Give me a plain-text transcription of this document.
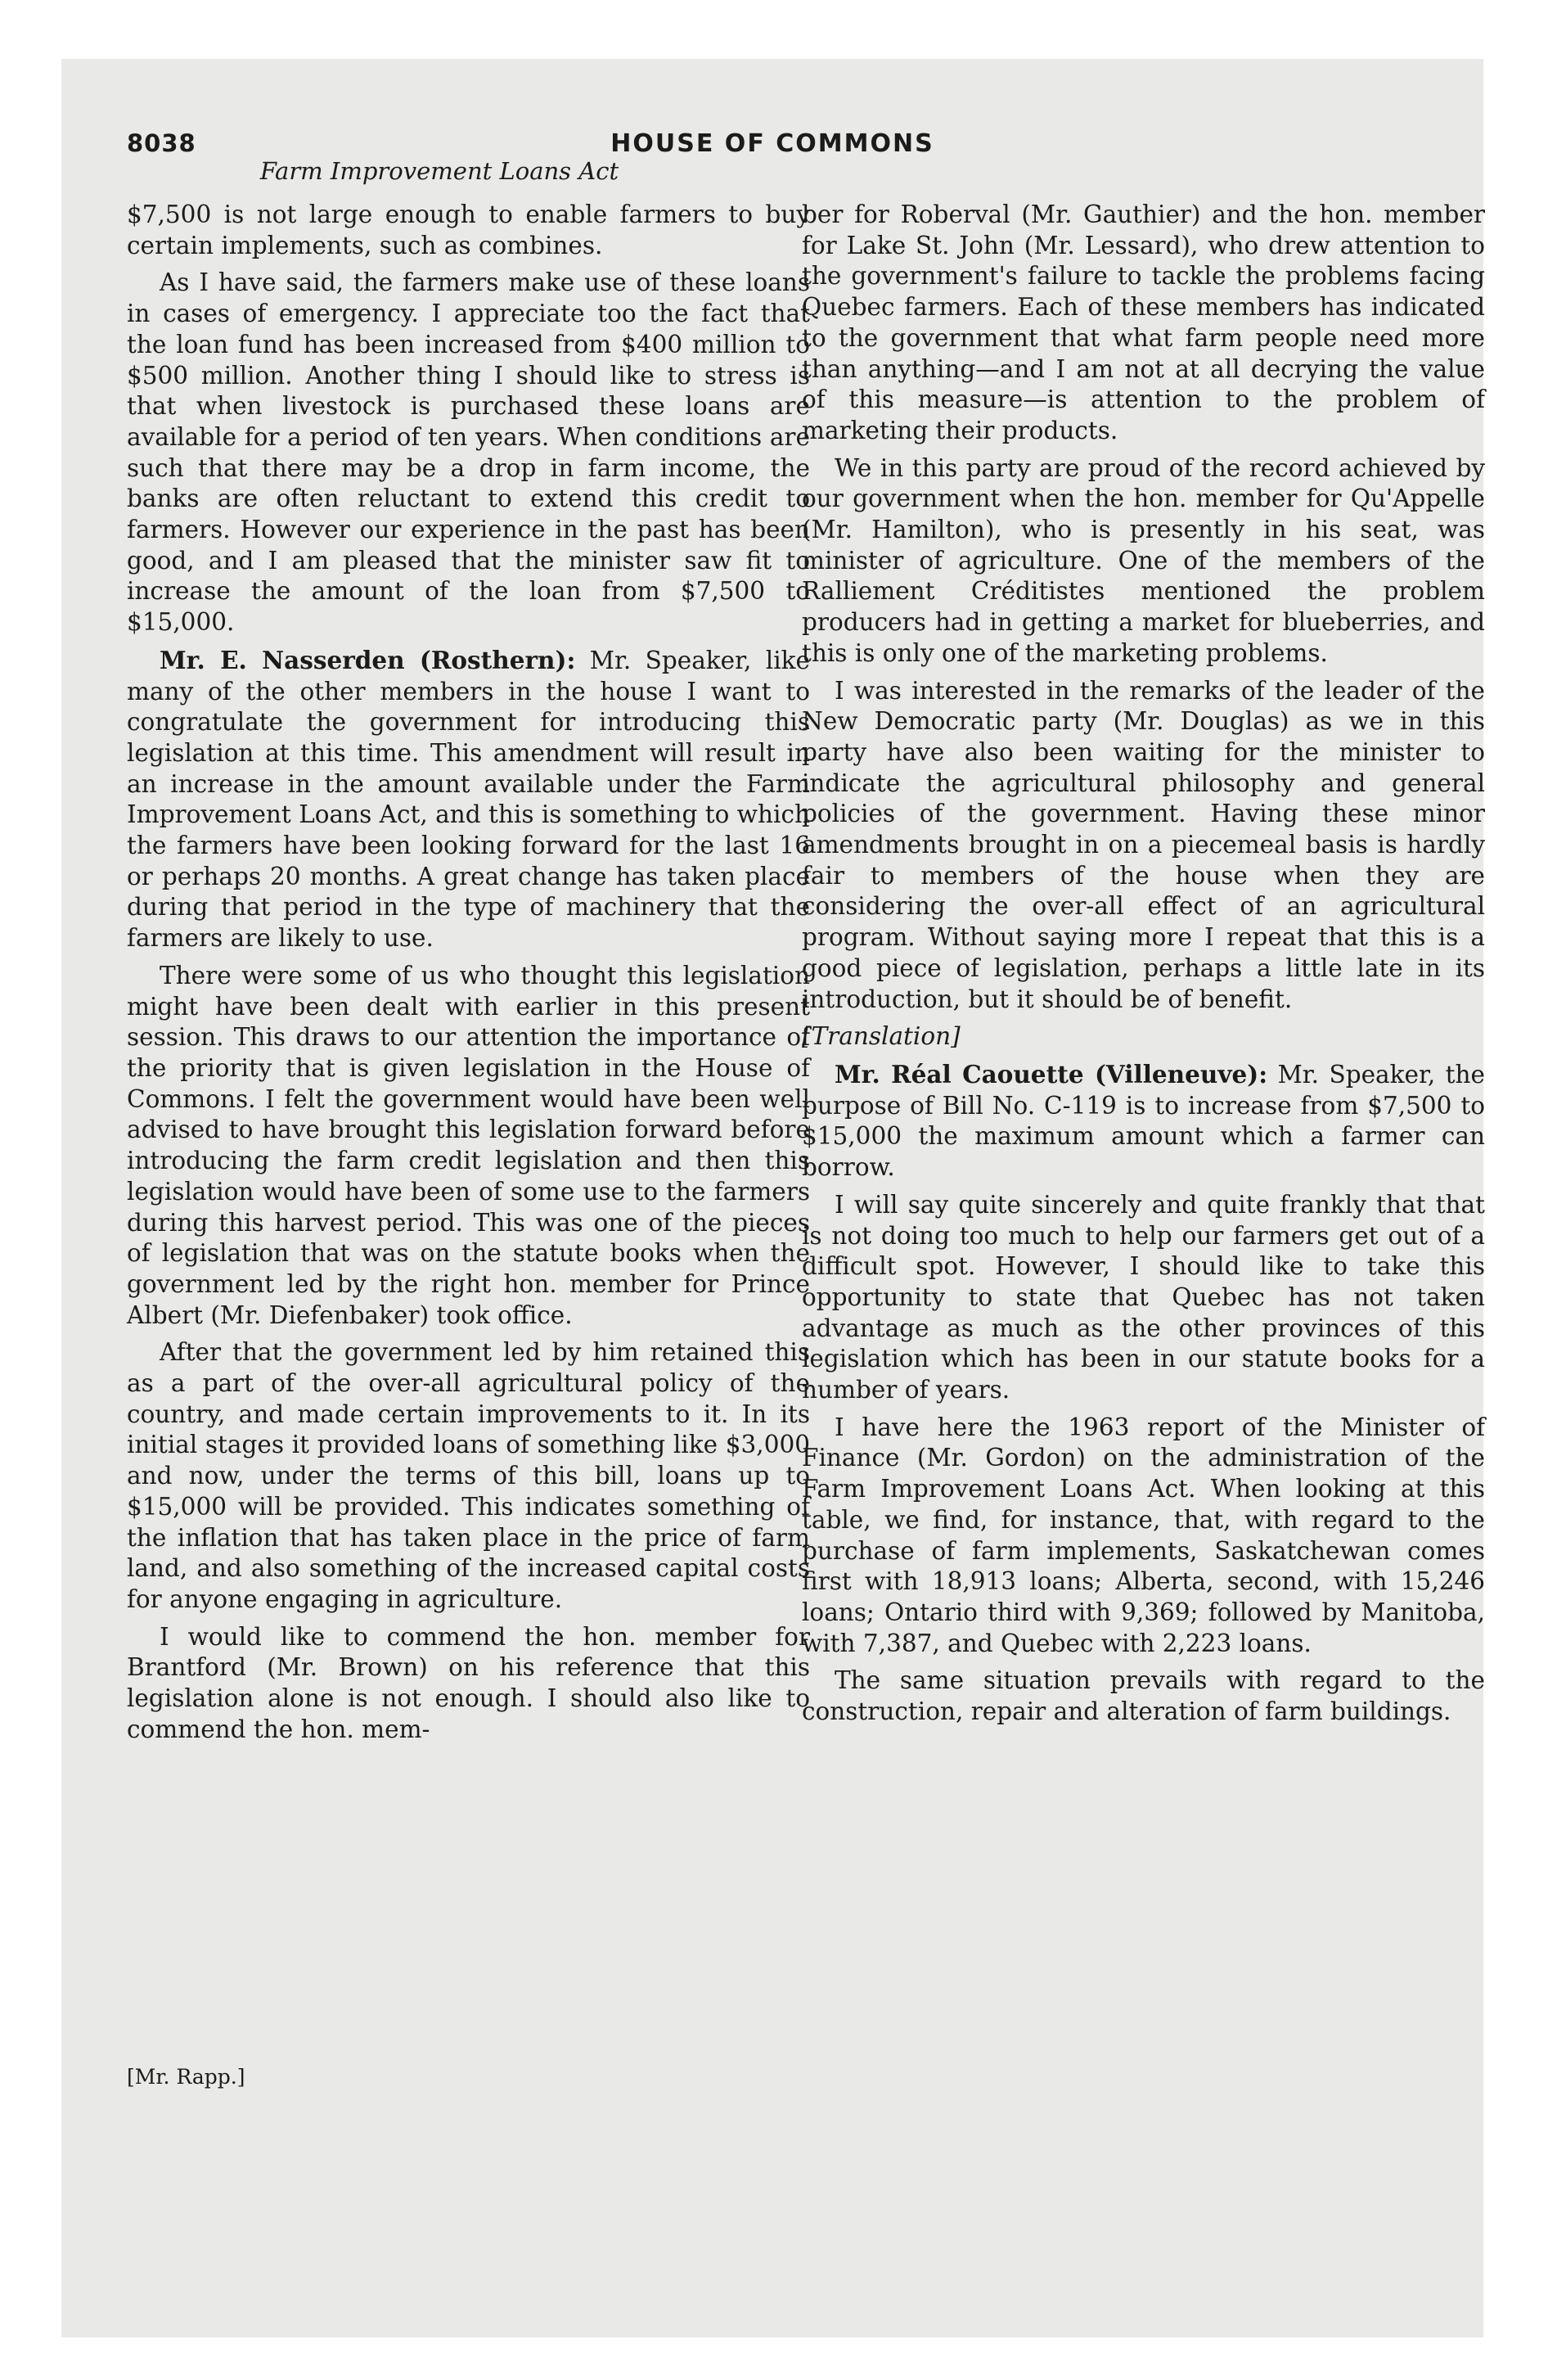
8038	HOUSE OF COMMONS
Farm Improvement Loans Act

$7,500 is not large enough to enable farmers to buy certain implements, such as combines.

As I have said, the farmers make use of these loans in cases of emergency. I appreciate too the fact that the loan fund has been increased from $400 million to $500 million. Another thing I should like to stress is that when livestock is purchased these loans are available for a period of ten years. When conditions are such that there may be a drop in farm income, the banks are often reluctant to extend this credit to farmers. However our experience in the past has been good, and I am pleased that the minister saw fit to increase the amount of the loan from $7,500 to $15,000.

Mr. E. Nasserden (Rosthern): Mr. Speaker, like many of the other members in the house I want to congratulate the government for introducing this legislation at this time. This amendment will result in an increase in the amount available under the Farm Improvement Loans Act, and this is something to which the farmers have been looking forward for the last 16 or perhaps 20 months. A great change has taken place during that period in the type of machinery that the farmers are likely to use.

There were some of us who thought this legislation might have been dealt with earlier in this present session. This draws to our attention the importance of the priority that is given legislation in the House of Commons. I felt the government would have been well advised to have brought this legislation forward before introducing the farm credit legislation and then this legislation would have been of some use to the farmers during this harvest period. This was one of the pieces of legislation that was on the statute books when the government led by the right hon. member for Prince Albert (Mr. Diefenbaker) took office.

After that the government led by him retained this as a part of the over-all agricultural policy of the country, and made certain improvements to it. In its initial stages it provided loans of something like $3,000 and now, under the terms of this bill, loans up to $15,000 will be provided. This indicates something of the inflation that has taken place in the price of farm land, and also something of the increased capital costs for anyone engaging in agriculture.

I would like to commend the hon. member for Brantford (Mr. Brown) on his reference that this legislation alone is not enough. I should also like to commend the hon. mem-

ber for Roberval (Mr. Gauthier) and the hon. member for Lake St. John (Mr. Lessard), who drew attention to the government's failure to tackle the problems facing Quebec farmers. Each of these members has indicated to the government that what farm people need more than anything—and I am not at all decrying the value of this measure—is attention to the problem of marketing their products.

We in this party are proud of the record achieved by our government when the hon. member for Qu'Appelle (Mr. Hamilton), who is presently in his seat, was minister of agriculture. One of the members of the Ralliement Créditistes mentioned the problem producers had in getting a market for blueberries, and this is only one of the marketing problems.

I was interested in the remarks of the leader of the New Democratic party (Mr. Douglas) as we in this party have also been waiting for the minister to indicate the agricultural philosophy and general policies of the government. Having these minor amendments brought in on a piecemeal basis is hardly fair to members of the house when they are considering the over-all effect of an agricultural program. Without saying more I repeat that this is a good piece of legislation, perhaps a little late in its introduction, but it should be of benefit.

[Translation]

Mr. Réal Caouette (Villeneuve): Mr. Speaker, the purpose of Bill No. C-119 is to increase from $7,500 to $15,000 the maximum amount which a farmer can borrow.

I will say quite sincerely and quite frankly that that is not doing too much to help our farmers get out of a difficult spot. However, I should like to take this opportunity to state that Quebec has not taken advantage as much as the other provinces of this legislation which has been in our statute books for a number of years.

I have here the 1963 report of the Minister of Finance (Mr. Gordon) on the administration of the Farm Improvement Loans Act. When looking at this table, we find, for instance, that, with regard to the purchase of farm implements, Saskatchewan comes first with 18,913 loans; Alberta, second, with 15,246 loans; Ontario third with 9,369; followed by Manitoba, with 7,387, and Quebec with 2,223 loans.

The same situation prevails with regard to the construction, repair and alteration of farm buildings.

[Mr. Rapp.]
